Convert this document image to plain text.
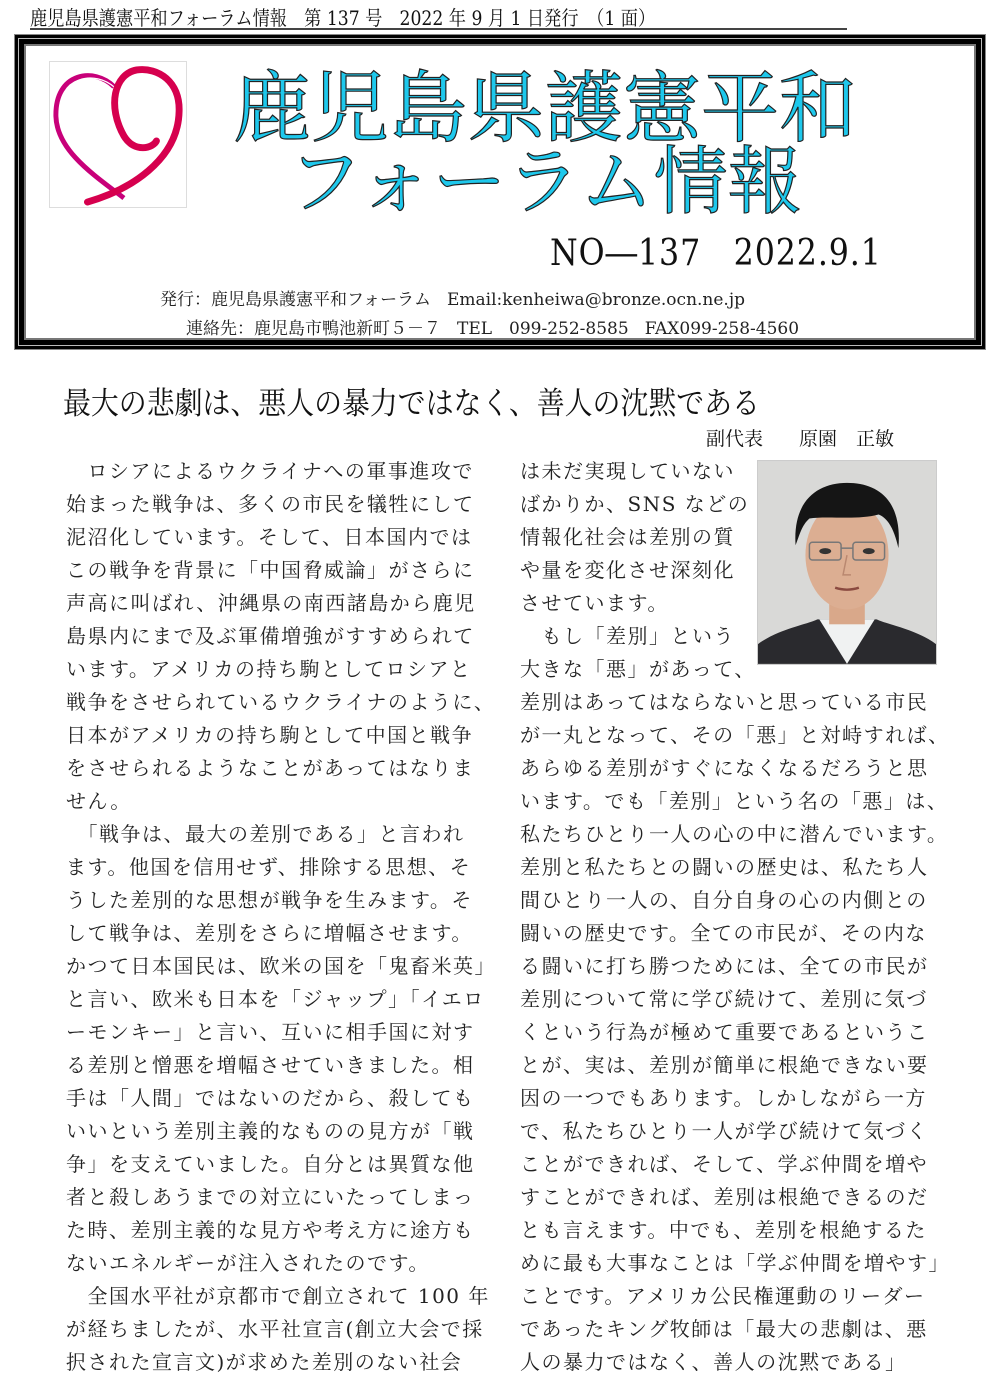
鹿児島県護憲平和フォーラム情報　第 137 号　2022 年 9 月 1 日発行　（1 面）
鹿児島県護憲平和
フォーラム情報
NO―137　2022.9.1
発行：鹿児島県護憲平和フォーラム Email:kenheiwa@bronze.ocn.ne.jp
連絡先：鹿児島市鴨池新町５－７ TEL　099-252-8585 FAX099-258-4560
最大の悲劇は、悪人の暴力ではなく、善人の沈黙である
副代表 原園　正敏
　ロシアによるウクライナへの軍事進攻で
始まった戦争は、多くの市民を犠牲にして
泥沼化しています。そして、日本国内では
この戦争を背景に「中国脅威論」がさらに
声高に叫ばれ、沖縄県の南西諸島から鹿児
島県内にまで及ぶ軍備増強がすすめられて
います。アメリカの持ち駒としてロシアと
戦争をさせられているウクライナのように、
日本がアメリカの持ち駒として中国と戦争
をさせられるようなことがあってはなりま
せん。
　「戦争は、最大の差別である」と言われ
ます。他国を信用せず、排除する思想、そ
うした差別的な思想が戦争を生みます。そ
して戦争は、差別をさらに増幅させます。
かつて日本国民は、欧米の国を「鬼畜米英」
と言い、欧米も日本を「ジャップ」「イエロ
ーモンキー」と言い、互いに相手国に対す
る差別と憎悪を増幅させていきました。相
手は「人間」ではないのだから、殺しても
いいという差別主義的なものの見方が「戦
争」を支えていました。自分とは異質な他
者と殺しあうまでの対立にいたってしまっ
た時、差別主義的な見方や考え方に途方も
ないエネルギーが注入されたのです。
　全国水平社が京都市で創立されて 100 年
が経ちましたが、水平社宣言(創立大会で採
択された宣言文)が求めた差別のない社会
は未だ実現していない
ばかりか、SNS などの
情報化社会は差別の質
や量を変化させ深刻化
させています。
　もし「差別」という
大きな「悪」があって、
差別はあってはならないと思っている市民
が一丸となって、その「悪」と対峙すれば、
あらゆる差別がすぐになくなるだろうと思
います。でも「差別」という名の「悪」は、
私たちひとり一人の心の中に潜んでいます。
差別と私たちとの闘いの歴史は、私たち人
間ひとり一人の、自分自身の心の内側との
闘いの歴史です。全ての市民が、その内な
る闘いに打ち勝つためには、全ての市民が
差別について常に学び続けて、差別に気づ
くという行為が極めて重要であるというこ
とが、実は、差別が簡単に根絶できない要
因の一つでもあります。しかしながら一方
で、私たちひとり一人が学び続けて気づく
ことができれば、そして、学ぶ仲間を増や
すことができれば、差別は根絶できるのだ
とも言えます。中でも、差別を根絶するた
めに最も大事なことは「学ぶ仲間を増やす」
ことです。アメリカ公民権運動のリーダー
であったキング牧師は「最大の悲劇は、悪
人の暴力ではなく、善人の沈黙である」
